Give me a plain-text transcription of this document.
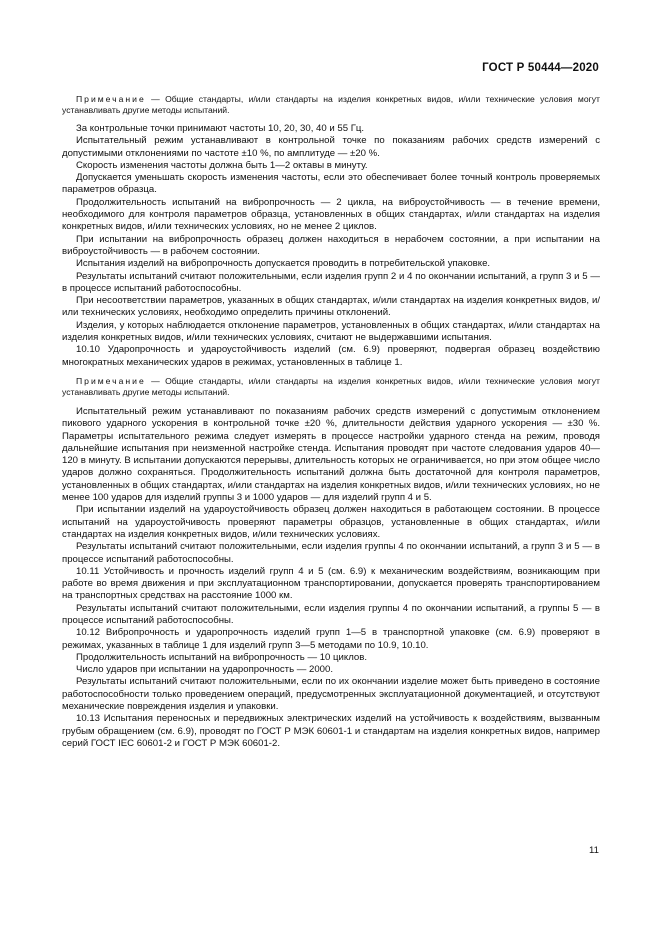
ГОСТ Р 50444—2020

Примечание — Общие стандарты, и/или стандарты на изделия конкретных видов, и/или технические условия могут устанавливать другие методы испытаний.

За контрольные точки принимают частоты 10, 20, 30, 40 и 55 Гц.

Испытательный режим устанавливают в контрольной точке по показаниям рабочих средств измерений с допустимыми отклонениями по частоте ±10 %, по амплитуде — ±20 %.

Скорость изменения частоты должна быть 1—2 октавы в минуту.

Допускается уменьшать скорость изменения частоты, если это обеспечивает более точный контроль проверяемых параметров образца.

Продолжительность испытаний на вибропрочность — 2 цикла, на виброустойчивость — в течение времени, необходимого для контроля параметров образца, установленных в общих стандартах, и/или стандартах на изделия конкретных видов, и/или технических условиях, но не менее 2 циклов.

При испытании на вибропрочность образец должен находиться в нерабочем состоянии, а при испытании на виброустойчивость — в рабочем состоянии.

Испытания изделий на вибропрочность допускается проводить в потребительской упаковке.

Результаты испытаний считают положительными, если изделия групп 2 и 4 по окончании испытаний, а групп 3 и 5 — в процессе испытаний работоспособны.

При несоответствии параметров, указанных в общих стандартах, и/или стандартах на изделия конкретных видов, и/или технических условиях, необходимо определить причины отклонений.

Изделия, у которых наблюдается отклонение параметров, установленных в общих стандартах, и/или стандартах на изделия конкретных видов, и/или технических условиях, считают не выдержавшими испытания.

10.10 Ударопрочность и удароустойчивость изделий (см. 6.9) проверяют, подвергая образец воздействию многократных механических ударов в режимах, установленных в таблице 1.

Примечание — Общие стандарты, и/или стандарты на изделия конкретных видов, и/или технические условия могут устанавливать другие методы испытаний.

Испытательный режим устанавливают по показаниям рабочих средств измерений с допустимым отклонением пикового ударного ускорения в контрольной точке ±20 %, длительности действия ударного ускорения — ±30 %. Параметры испытательного режима следует измерять в процессе настройки ударного стенда на режим, проводя дальнейшие испытания при неизменной настройке стенда. Испытания проводят при частоте следования ударов 40—120 в минуту. В испытании допускаются перерывы, длительность которых не ограничивается, но при этом общее число ударов должно сохраняться. Продолжительность испытаний должна быть достаточной для контроля параметров, установленных в общих стандартах, и/или стандартах на изделия конкретных видов, и/или технических условиях, но не менее 100 ударов для изделий группы 3 и 1000 ударов — для изделий групп 4 и 5.

При испытании изделий на удароустойчивость образец должен находиться в работающем состоянии. В процессе испытаний на удароустойчивость проверяют параметры образцов, установленные в общих стандартах, и/или стандартах на изделия конкретных видов, и/или технических условиях.

Результаты испытаний считают положительными, если изделия группы 4 по окончании испытаний, а групп 3 и 5 — в процессе испытаний работоспособны.

10.11 Устойчивость и прочность изделий групп 4 и 5 (см. 6.9) к механическим воздействиям, возникающим при работе во время движения и при эксплуатационном транспортировании, допускается проверять транспортированием на транспортных средствах на расстояние 1000 км.

Результаты испытаний считают положительными, если изделия группы 4 по окончании испытаний, а группы 5 — в процессе испытаний работоспособны.

10.12 Вибропрочность и ударопрочность изделий групп 1—5 в транспортной упаковке (см. 6.9) проверяют в режимах, указанных в таблице 1 для изделий групп 3—5 методами по 10.9, 10.10.

Продолжительность испытаний на вибропрочность — 10 циклов.

Число ударов при испытании на ударопрочность — 2000.

Результаты испытаний считают положительными, если по их окончании изделие может быть приведено в состояние работоспособности только проведением операций, предусмотренных эксплуатационной документацией, и отсутствуют механические повреждения изделия и упаковки.

10.13 Испытания переносных и передвижных электрических изделий на устойчивость к воздействиям, вызванным грубым обращением (см. 6.9), проводят по ГОСТ Р МЭК 60601-1 и стандартам на изделия конкретных видов, например серий ГОСТ IEC 60601-2 и ГОСТ Р МЭК 60601-2.

11
